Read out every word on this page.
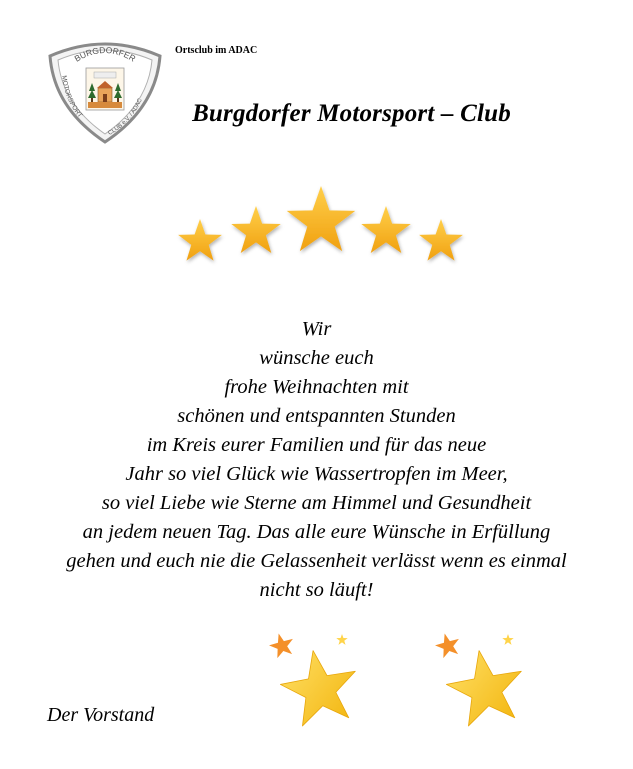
BURGDORFER
MOTORSPORT
CLUB e.V. / ADAC
Ortsclub im ADAC
Burgdorfer Motorsport – Club
Wir
wünsche euch
frohe Weihnachten mit
schönen und entspannten Stunden
im Kreis eurer Familien und für das neue
Jahr so viel Glück wie Wassertropfen im Meer,
so viel Liebe wie Sterne am Himmel und Gesundheit
an jedem neuen Tag. Das alle eure Wünsche in Erfüllung
gehen und euch nie die Gelassenheit verlässt wenn es einmal
nicht so läuft!
Der Vorstand
